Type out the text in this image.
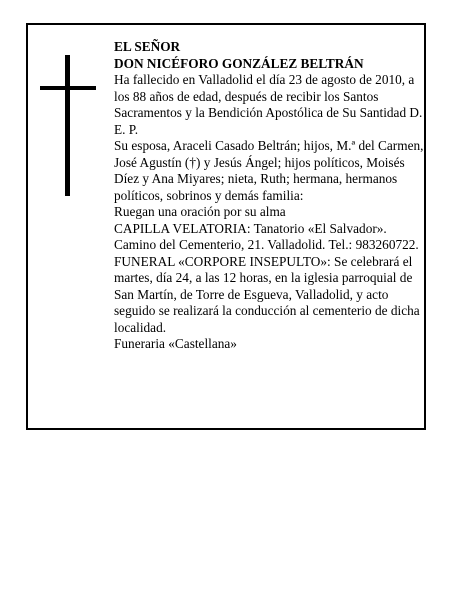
EL SEÑOR

DON NICÉFORO GONZÁLEZ BELTRÁN

Ha fallecido en Valladolid el día 23 de agosto de 2010, a los 88 años de edad, después de recibir los Santos Sacramentos y la Bendición Apostólica de Su Santidad D. E. P.

Su esposa, Araceli Casado Beltrán; hijos, M.ª del Carmen, José Agustín (†) y Jesús Ángel; hijos políticos, Moisés Díez y Ana Miyares; nieta, Ruth; hermana, hermanos políticos, sobrinos y demás familia:

Ruegan una oración por su alma

CAPILLA VELATORIA: Tanatorio «El Salvador». Camino del Cementerio, 21. Valladolid. Tel.: 983260722.

FUNERAL «CORPORE INSEPULTO»: Se celebrará el martes, día 24, a las 12 horas, en la iglesia parroquial de San Martín, de Torre de Esgueva, Valladolid, y acto seguido se realizará la conducción al cementerio de dicha localidad.

Funeraria «Castellana»
